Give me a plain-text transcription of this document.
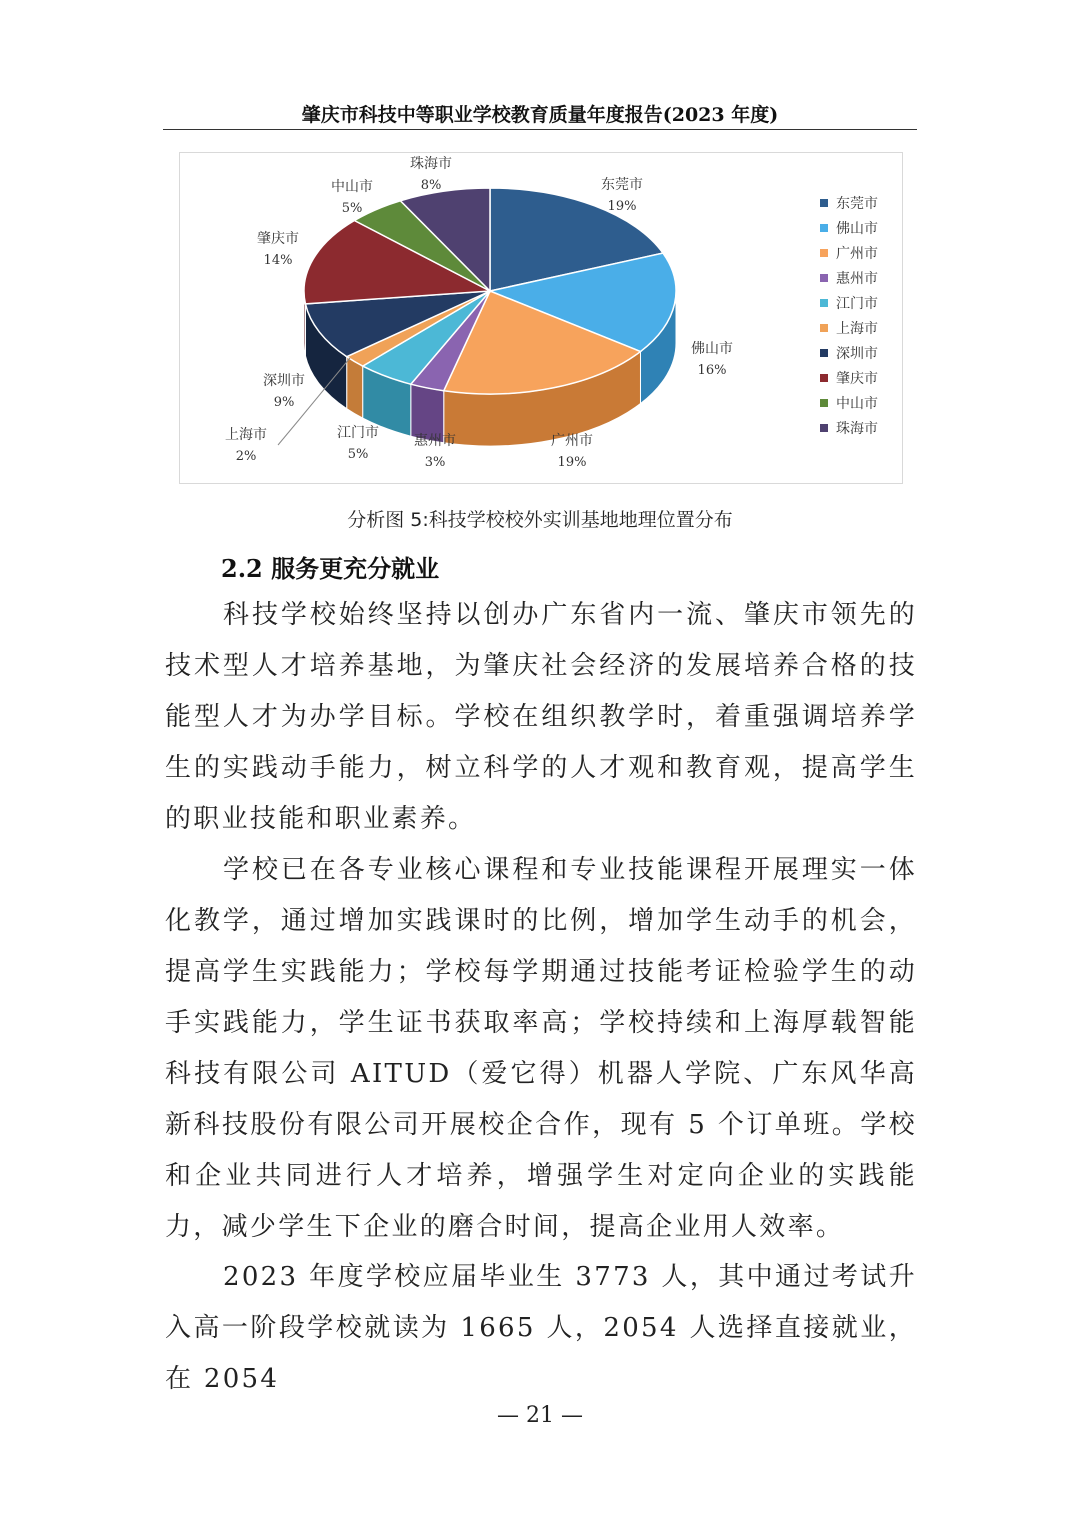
肇庆市科技中等职业学校教育质量年度报告(2023 年度)
东莞市
19%
佛山市
16%
广州市
19%
惠州市
3%
江门市
5%
上海市
2%
深圳市
9%
肇庆市
14%
中山市
5%
珠海市
8%
东莞市
佛山市
广州市
惠州市
江门市
上海市
深圳市
肇庆市
中山市
珠海市
分析图 5:科技学校校外实训基地地理位置分布
2.2 服务更充分就业

科技学校始终坚持以创办广东省内一流、肇庆市领先的技术型人才培养基地，为肇庆社会经济的发展培养合格的技能型人才为办学目标。学校在组织教学时，着重强调培养学生的实践动手能力，树立科学的人才观和教育观，提高学生的职业技能和职业素养。

学校已在各专业核心课程和专业技能课程开展理实一体化教学，通过增加实践课时的比例，增加学生动手的机会，提高学生实践能力；学校每学期通过技能考证检验学生的动手实践能力，学生证书获取率高；学校持续和上海厚载智能科技有限公司 AITUD（爱它得）机器人学院、广东风华高新科技股份有限公司开展校企合作，现有 5 个订单班。学校和企业共同进行人才培养，增强学生对定向企业的实践能力，减少学生下企业的磨合时间，提高企业用人效率。

2023 年度学校应届毕业生 3773 人，其中通过考试升入高一阶段学校就读为 1665 人，2054 人选择直接就业，在 2054

— 21 —
